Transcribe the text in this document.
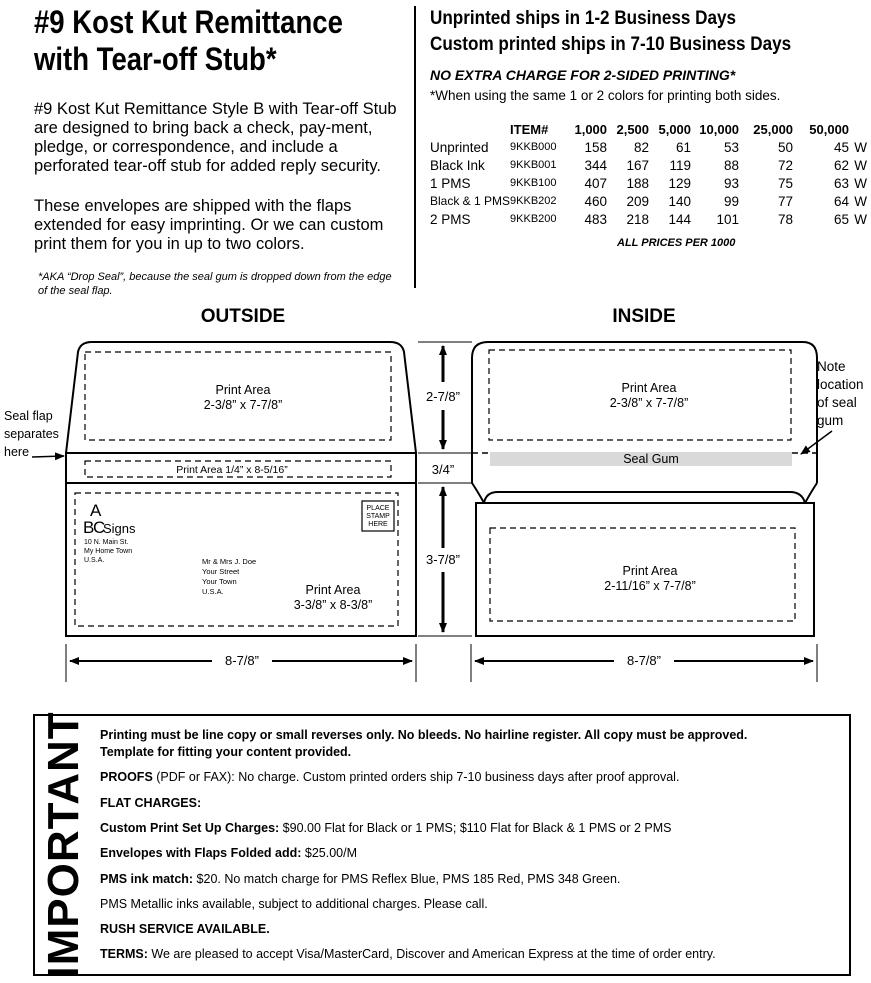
#9 Kost Kut Remittance
with Tear-off Stub*
#9 Kost Kut Remittance Style B with Tear-off Stub are designed to bring back a check, pay-ment, pledge, or correspondence, and include a perforated tear-off stub for added reply security.
These envelopes are shipped with the flaps extended for easy imprinting. Or we can custom print them for you in up to two colors.
*AKA “Drop Seal”, because the seal gum is dropped down from the edge of the seal flap.
Unprinted ships in 1-2 Business Days
Custom printed ships in 7-10 Business Days
NO EXTRA CHARGE FOR 2-SIDED PRINTING*
*When using the same 1 or 2 colors for printing both sides.
	ITEM#	1,000	2,500	5,000	10,000	25,000	50,000	
Unprinted	9KKB000	158	82	61	53	50	45	W
Black Ink	9KKB001	344	167	119	88	72	62	W
1 PMS	9KKB100	407	188	129	93	75	63	W
Black & 1 PMS	9KKB202	460	209	140	99	77	64	W
2 PMS	9KKB200	483	218	144	101	78	65	W
ALL PRICES PER 1000
OUTSIDE	INSIDE
Print Area
2-3/8” x 7-7/8”
Print Area 1/4” x 8-5/16”
PLACE
STAMP
HERE
A
B
C
Signs
10 N. Main St.
My Home Town
U.S.A.	Mr & Mrs J. Doe
Your Street
Your Town
U.S.A.	Print Area
3-3/8” x 8-3/8”
Seal flap
separates
here
2-7/8”
3/4”
3-7/8”
8-7/8”	8-7/8”
Seal Gum
Print Area
2-3/8” x 7-7/8”
Print Area
2-11/16” x 7-7/8”
Note
location
of seal
gum
IMPORTANT Printing must be line copy or small reverses only. No bleeds. No hairline register. All copy must be approved.
Template for fitting your content provided.
PROOFS (PDF or FAX): No charge. Custom printed orders ship 7-10 business days after proof approval.
FLAT CHARGES:
Custom Print Set Up Charges: $90.00 Flat for Black or 1 PMS; $110 Flat for Black & 1 PMS or 2 PMS
Envelopes with Flaps Folded add: $25.00/M
PMS ink match: $20. No match charge for PMS Reflex Blue, PMS 185 Red, PMS 348 Green.
PMS Metallic inks available, subject to additional charges. Please call.
RUSH SERVICE AVAILABLE.
TERMS: We are pleased to accept Visa/MasterCard, Discover and American Express at the time of order entry.
